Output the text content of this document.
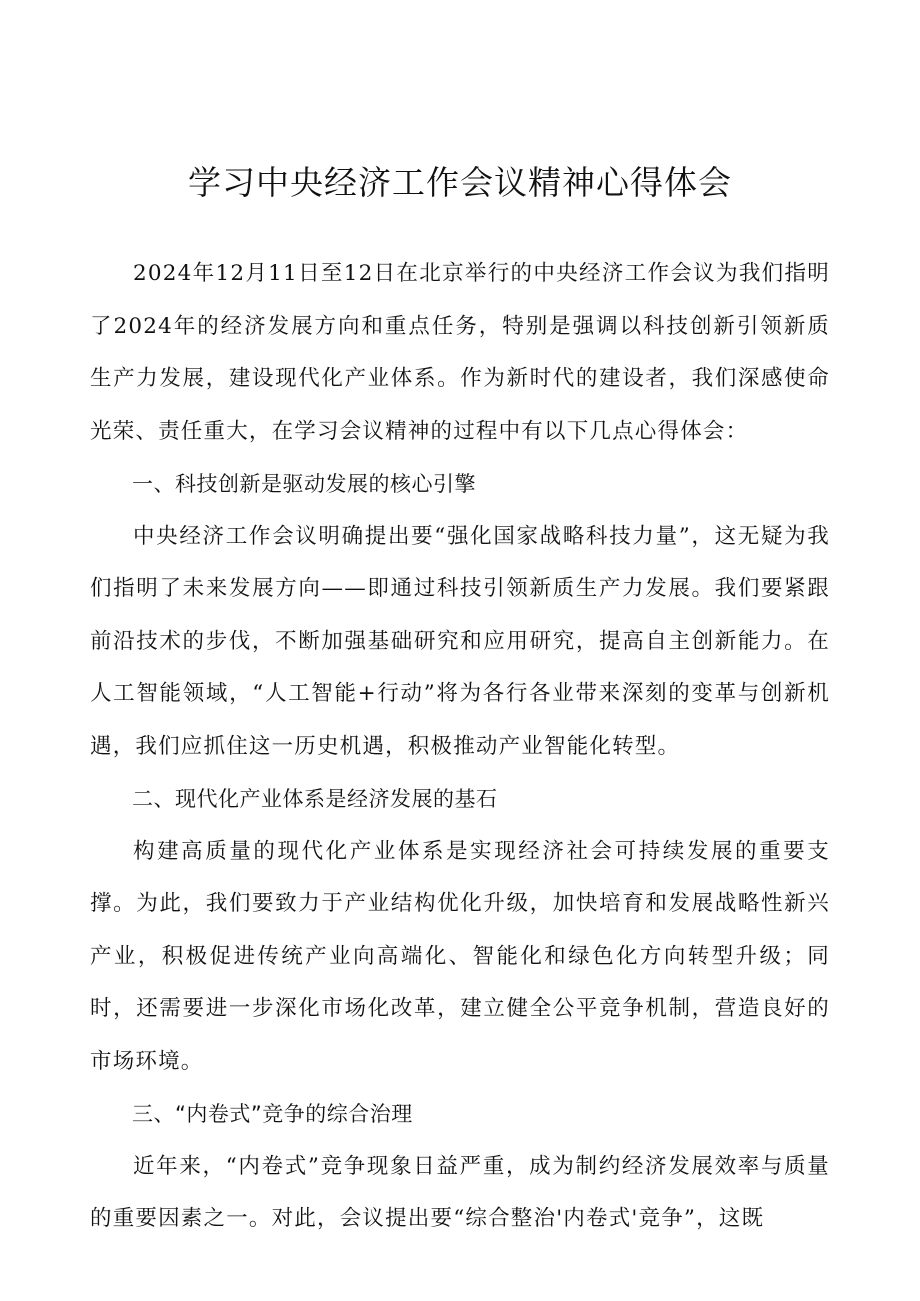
学习中央经济工作会议精神心得体会

2024年12月11日至12日在北京举行的中央经济工作会议为我们指明了2024年的经济发展方向和重点任务，特别是强调以科技创新引领新质生产力发展，建设现代化产业体系。作为新时代的建设者，我们深感使命光荣、责任重大，在学习会议精神的过程中有以下几点心得体会：

一、科技创新是驱动发展的核心引擎

中央经济工作会议明确提出要“强化国家战略科技力量”，这无疑为我们指明了未来发展方向——即通过科技引领新质生产力发展。我们要紧跟前沿技术的步伐，不断加强基础研究和应用研究，提高自主创新能力。在人工智能领域，“人工智能+行动”将为各行各业带来深刻的变革与创新机遇，我们应抓住这一历史机遇，积极推动产业智能化转型。

二、现代化产业体系是经济发展的基石

构建高质量的现代化产业体系是实现经济社会可持续发展的重要支撑。为此，我们要致力于产业结构优化升级，加快培育和发展战略性新兴产业，积极促进传统产业向高端化、智能化和绿色化方向转型升级；同时，还需要进一步深化市场化改革，建立健全公平竞争机制，营造良好的市场环境。

三、“内卷式”竞争的综合治理

近年来，“内卷式”竞争现象日益严重，成为制约经济发展效率与质量的重要因素之一。对此，会议提出要“综合整治'内卷式'竞争”，这既
